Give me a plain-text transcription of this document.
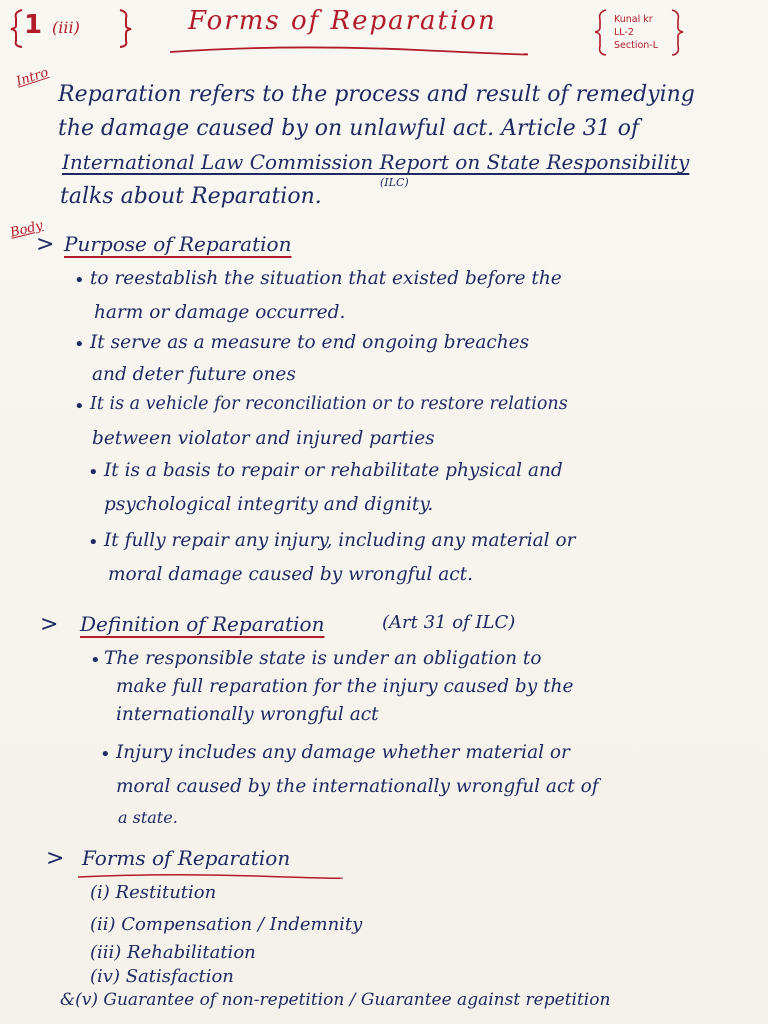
1 (iii)	Forms of Reparation	Kunal kr
LL-2
Section-L
Intro
Reparation refers to the process and result of remedying
the damage caused by on unlawful act. Article 31 of
International Law Commission Report on State Responsibility
talks about Reparation.
(ILC)
Body
> Purpose of Reparation
• to reestablish the situation that existed before the
harm or damage occurred.
• It serve as a measure to end ongoing breaches
and deter future ones
• It is a vehicle for reconciliation or to restore relations
between violator and injured parties
• It is a basis to repair or rehabilitate physical and
psychological integrity and dignity.
• It fully repair any injury, including any material or
moral damage caused by wrongful act.
> Definition of Reparation	(Art 31 of ILC)
• The responsible state is under an obligation to
make full reparation for the injury caused by the
internationally wrongful act
• Injury includes any damage whether material or
moral caused by the internationally wrongful act of
a state.
> Forms of Reparation
(i) Restitution
(ii) Compensation / Indemnity
(iii) Rehabilitation
(iv) Satisfaction
&(v) Guarantee of non-repetition / Guarantee against repetition
